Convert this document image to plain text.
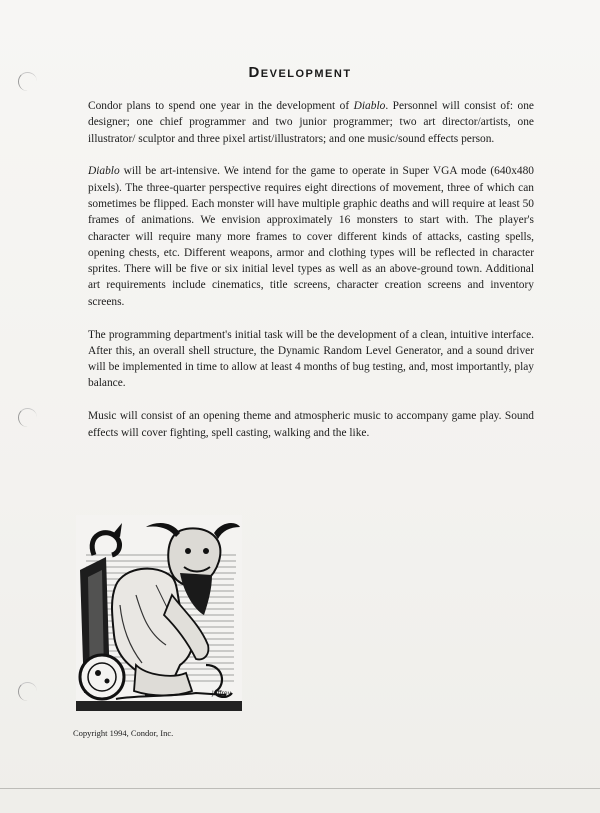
Development

Condor plans to spend one year in the development of Diablo. Personnel will consist of: one designer; one chief programmer and two junior programmer; two art director/artists, one illustrator/ sculptor and three pixel artist/illustrators; and one music/sound effects person.

Diablo will be art-intensive. We intend for the game to operate in Super VGA mode (640x480 pixels). The three-quarter perspective requires eight directions of movement, three of which can sometimes be flipped. Each monster will have multiple graphic deaths and will require at least 50 frames of animations. We envision approximately 16 monsters to start with. The player's character will require many more frames to cover different kinds of attacks, casting spells, opening chests, etc. Different weapons, armor and clothing types will be reflected in character sprites. There will be five or six initial level types as well as an above-ground town. Additional art requirements include cinematics, title screens, character creation screens and inventory screens.

The programming department's initial task will be the development of a clean, intuitive interface. After this, an overall shell structure, the Dynamic Random Level Generator, and a sound driver will be implemented in time to allow at least 4 months of bug testing, and, most importantly, play balance.

Music will consist of an opening theme and atmospheric music to accompany game play. Sound effects will cover fighting, spell casting, walking and the like.

Jeffrey
Copyright 1994, Condor, Inc.
